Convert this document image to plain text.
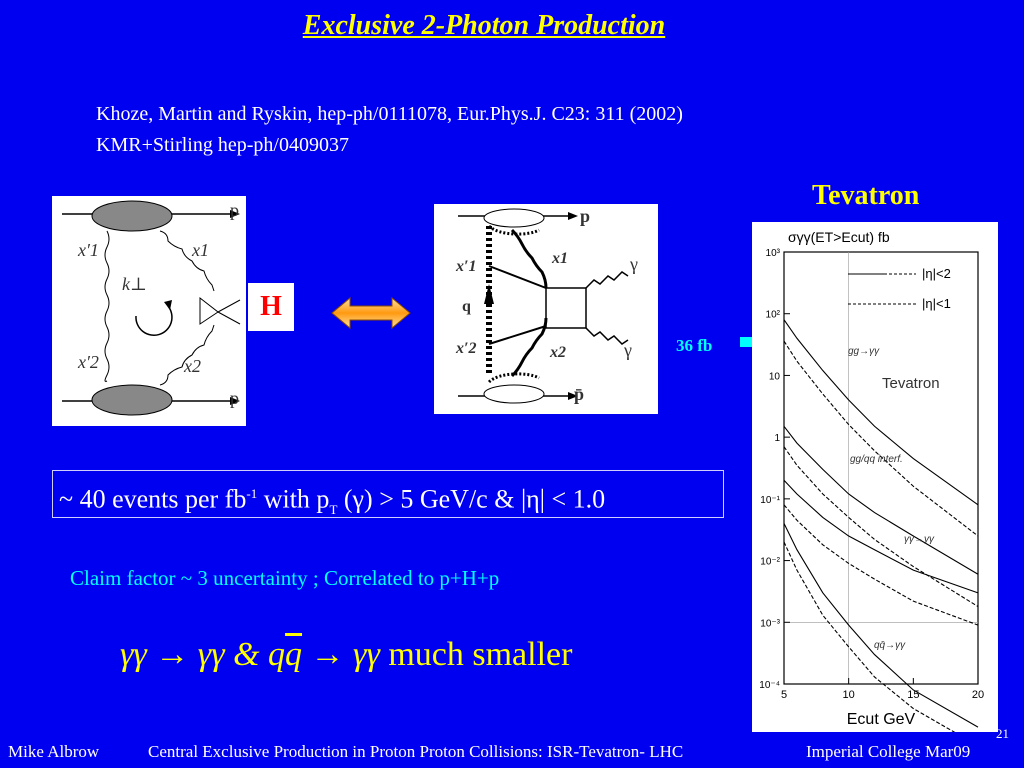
Exclusive 2-Photon Production
Khoze, Martin and Ryskin, hep-ph/0111078, Eur.Phys.J. C23: 311 (2002)
KMR+Stirling hep-ph/0409037
Tevatron
x′1	x1
k⊥
x′2	x2
p
p
H
p
p̄
x′1	x1
q
x′2	x2
γ
γ	36 fb
5	10	15	20
10³
10²
10
1
10⁻¹
10⁻²
10⁻³
10⁻⁴
σγγ(ET>Ecut) fb
Ecut GeV
Tevatron
|η|<2
|η|<1
gg→γγ
gg/qq interf.
γγ→γγ
qq̄→γγ
~ 40 events per $fb^{-1}$ with $p_T$ (γ) > 5 GeV/c & |η| < 1.0
Claim factor ~ 3 uncertainty ; Correlated to p+H+p
γγ → γγ & $q\overline{q} \to \gamma\gamma$ much smaller
Mike Albrow	Central Exclusive Production in Proton Proton Collisions: ISR-Tevatron- LHC	Imperial College Mar09
21
